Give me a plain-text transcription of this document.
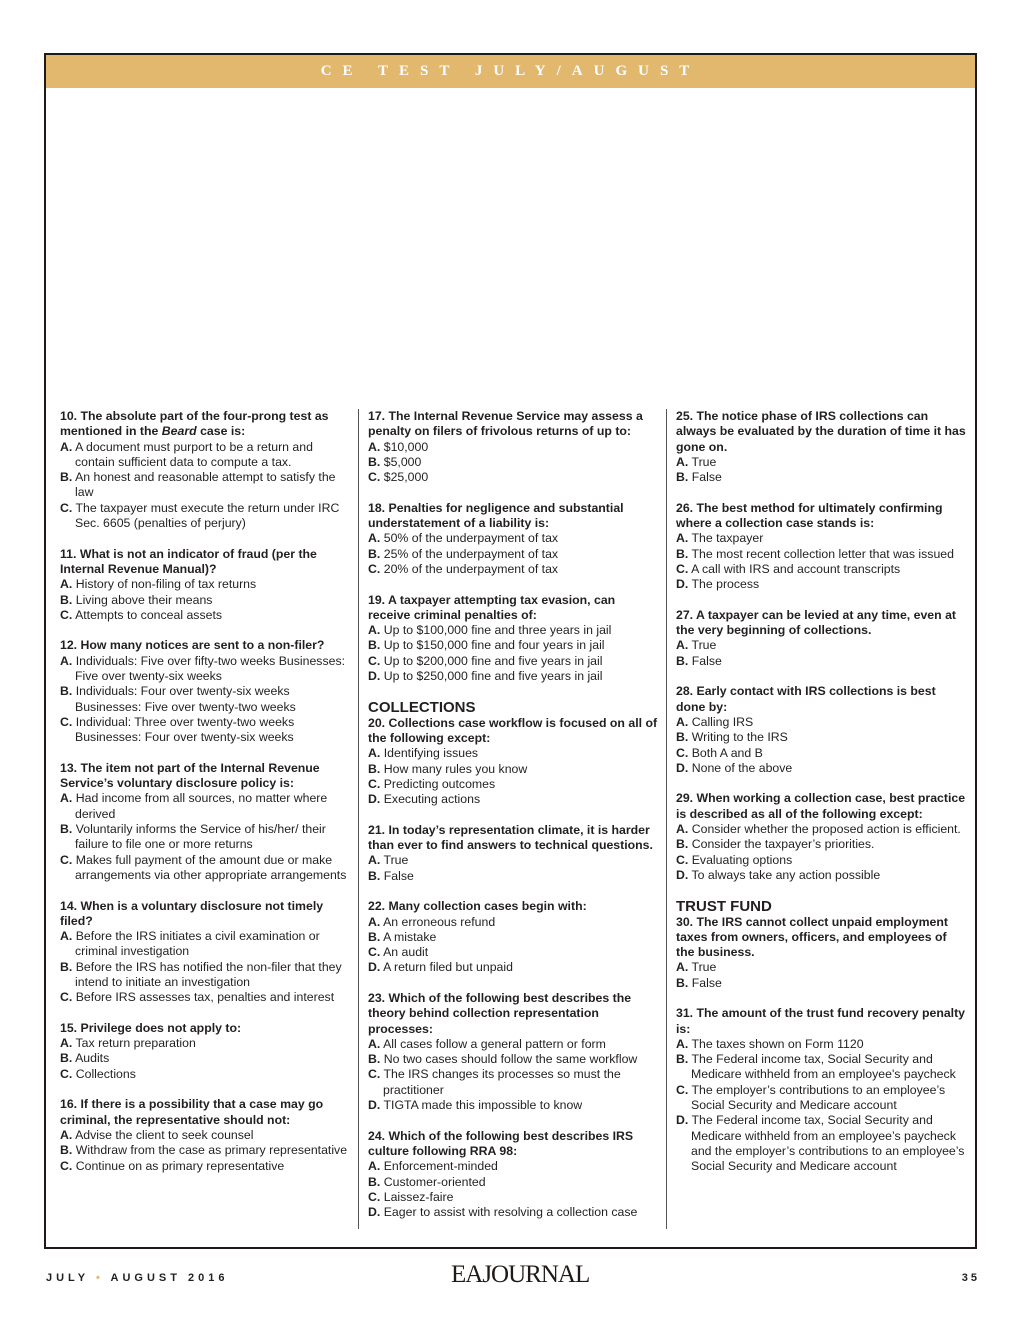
CE TEST JULY/AUGUST
10. The absolute part of the four-prong test as mentioned in the Beard case is:
A. A document must purport to be a return and contain sufficient data to compute a tax.
B. An honest and reasonable attempt to satisfy the law
C. The taxpayer must execute the return under IRC Sec. 6605 (penalties of perjury)
11. What is not an indicator of fraud (per the Internal Revenue Manual)?
A. History of non-filing of tax returns
B. Living above their means
C. Attempts to conceal assets
12. How many notices are sent to a non-filer?
A. Individuals: Five over fifty-two weeks Businesses: Five over twenty-six weeks
B. Individuals: Four over twenty-six weeks Businesses: Five over twenty-two weeks
C. Individual: Three over twenty-two weeks Businesses: Four over twenty-six weeks
13. The item not part of the Internal Revenue Service’s voluntary disclosure policy is:
A. Had income from all sources, no matter where derived
B. Voluntarily informs the Service of his/her/ their failure to file one or more returns
C. Makes full payment of the amount due or make arrangements via other appropriate arrangements
14. When is a voluntary disclosure not timely filed?
A. Before the IRS initiates a civil examination or criminal investigation
B. Before the IRS has notified the non-filer that they intend to initiate an investigation
C. Before IRS assesses tax, penalties and interest
15. Privilege does not apply to:
A. Tax return preparation
B. Audits
C. Collections
16. If there is a possibility that a case may go criminal, the representative should not:
A. Advise the client to seek counsel
B. Withdraw from the case as primary representative
C. Continue on as primary representative
17. The Internal Revenue Service may assess a penalty on filers of frivolous returns of up to:
A. $10,000
B. $5,000
C. $25,000
18. Penalties for negligence and substantial understatement of a liability is:
A. 50% of the underpayment of tax
B. 25% of the underpayment of tax
C. 20% of the underpayment of tax
19. A taxpayer attempting tax evasion, can receive criminal penalties of:
A. Up to $100,000 fine and three years in jail
B. Up to $150,000 fine and four years in jail
C. Up to $200,000 fine and five years in jail
D. Up to $250,000 fine and five years in jail
COLLECTIONS
20. Collections case workflow is focused on all of the following except:
A. Identifying issues
B. How many rules you know
C. Predicting outcomes
D. Executing actions
21. In today’s representation climate, it is harder than ever to find answers to technical questions.
A. True
B. False
22. Many collection cases begin with:
A. An erroneous refund
B. A mistake
C. An audit
D. A return filed but unpaid
23. Which of the following best describes the theory behind collection representation processes:
A. All cases follow a general pattern or form
B. No two cases should follow the same workflow
C. The IRS changes its processes so must the practitioner
D. TIGTA made this impossible to know
24. Which of the following best describes IRS culture following RRA 98:
A. Enforcement-minded
B. Customer-oriented
C. Laissez-faire
D. Eager to assist with resolving a collection case
25. The notice phase of IRS collections can always be evaluated by the duration of time it has gone on.
A. True
B. False
26. The best method for ultimately confirming where a collection case stands is:
A. The taxpayer
B. The most recent collection letter that was issued
C. A call with IRS and account transcripts
D. The process
27. A taxpayer can be levied at any time, even at the very beginning of collections.
A. True
B. False
28. Early contact with IRS collections is best done by:
A. Calling IRS
B. Writing to the IRS
C. Both A and B
D. None of the above
29. When working a collection case, best practice is described as all of the following except:
A. Consider whether the proposed action is efficient.
B. Consider the taxpayer’s priorities.
C. Evaluating options
D. To always take any action possible
TRUST FUND
30. The IRS cannot collect unpaid employment taxes from owners, officers, and employees of the business.
A. True
B. False
31. The amount of the trust fund recovery penalty is:
A. The taxes shown on Form 1120
B. The Federal income tax, Social Security and Medicare withheld from an employee's paycheck
C. The employer’s contributions to an employee’s Social Security and Medicare account
D. The Federal income tax, Social Security and Medicare withheld from an employee’s paycheck and the employer’s contributions to an employee’s Social Security and Medicare account
JULY • AUGUST 2016	EAJOURNAL	35
